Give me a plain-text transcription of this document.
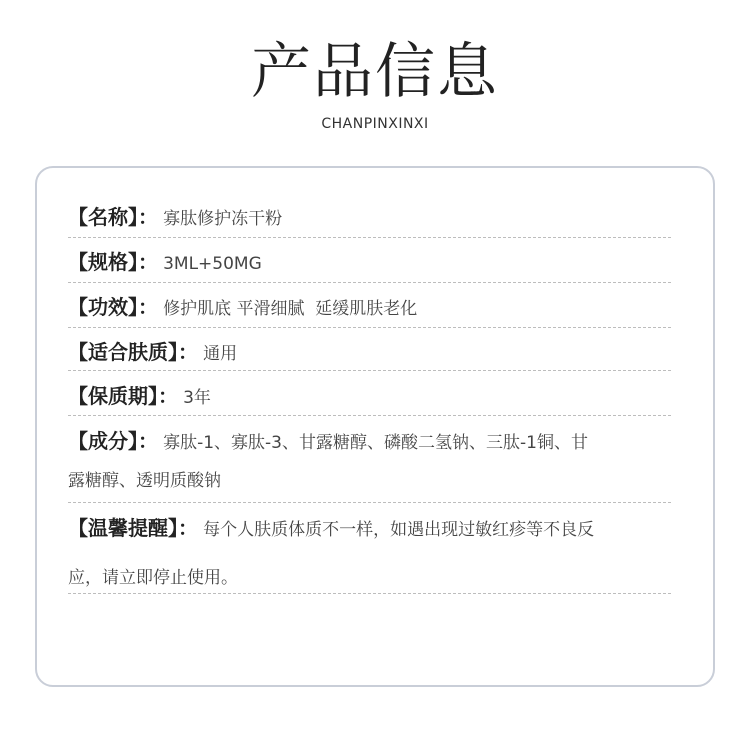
产品信息
CHANPINXINXI
【名称】： 寡肽修护冻干粉
【规格】： 3ML+50MG
【功效】： 修护肌底 平滑细腻  延缓肌肤老化
【适合肤质】： 通用
【保质期】： 3年
【成分】： 寡肽-1、寡肽-3、甘露糖醇、磷酸二氢钠、三肽-1铜、甘
露糖醇、透明质酸钠
【温馨提醒】： 每个人肤质体质不一样，如遇出现过敏红疹等不良反
应，请立即停止使用。
